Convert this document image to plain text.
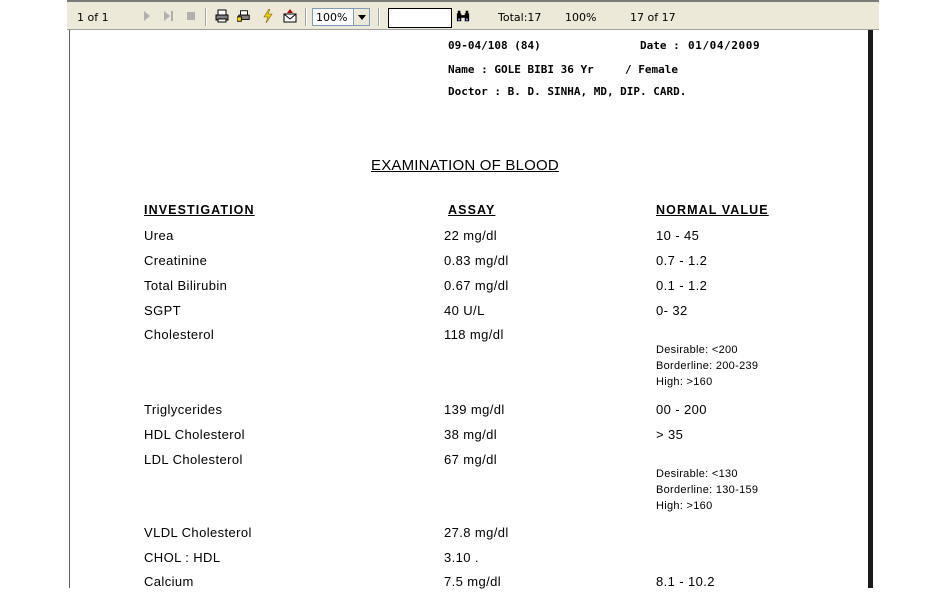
1 of 1	100%	Total:17 100%	17 of 17
09-04/108 (84)	Date : 01/04/2009
Name : GOLE BIBI 36 Yr	/ Female
Doctor : B. D. SINHA, MD, DIP. CARD.
EXAMINATION OF BLOOD
INVESTIGATION	ASSAY	NORMAL VALUE
Urea	22 mg/dl	10 - 45
Creatinine	0.83 mg/dl	0.7 - 1.2
Total Bilirubin	0.67 mg/dl	0.1 - 1.2
SGPT	40 U/L	0- 32
Cholesterol	118 mg/dl
Desirable: <200
Borderline: 200-239
High: >160
Triglycerides	139 mg/dl	00 - 200
HDL Cholesterol	38 mg/dl	> 35
LDL Cholesterol	67 mg/dl
Desirable: <130
Borderline: 130-159
High: >160
VLDL Cholesterol	27.8 mg/dl
CHOL : HDL	3.10 .
Calcium	7.5 mg/dl	8.1 - 10.2
